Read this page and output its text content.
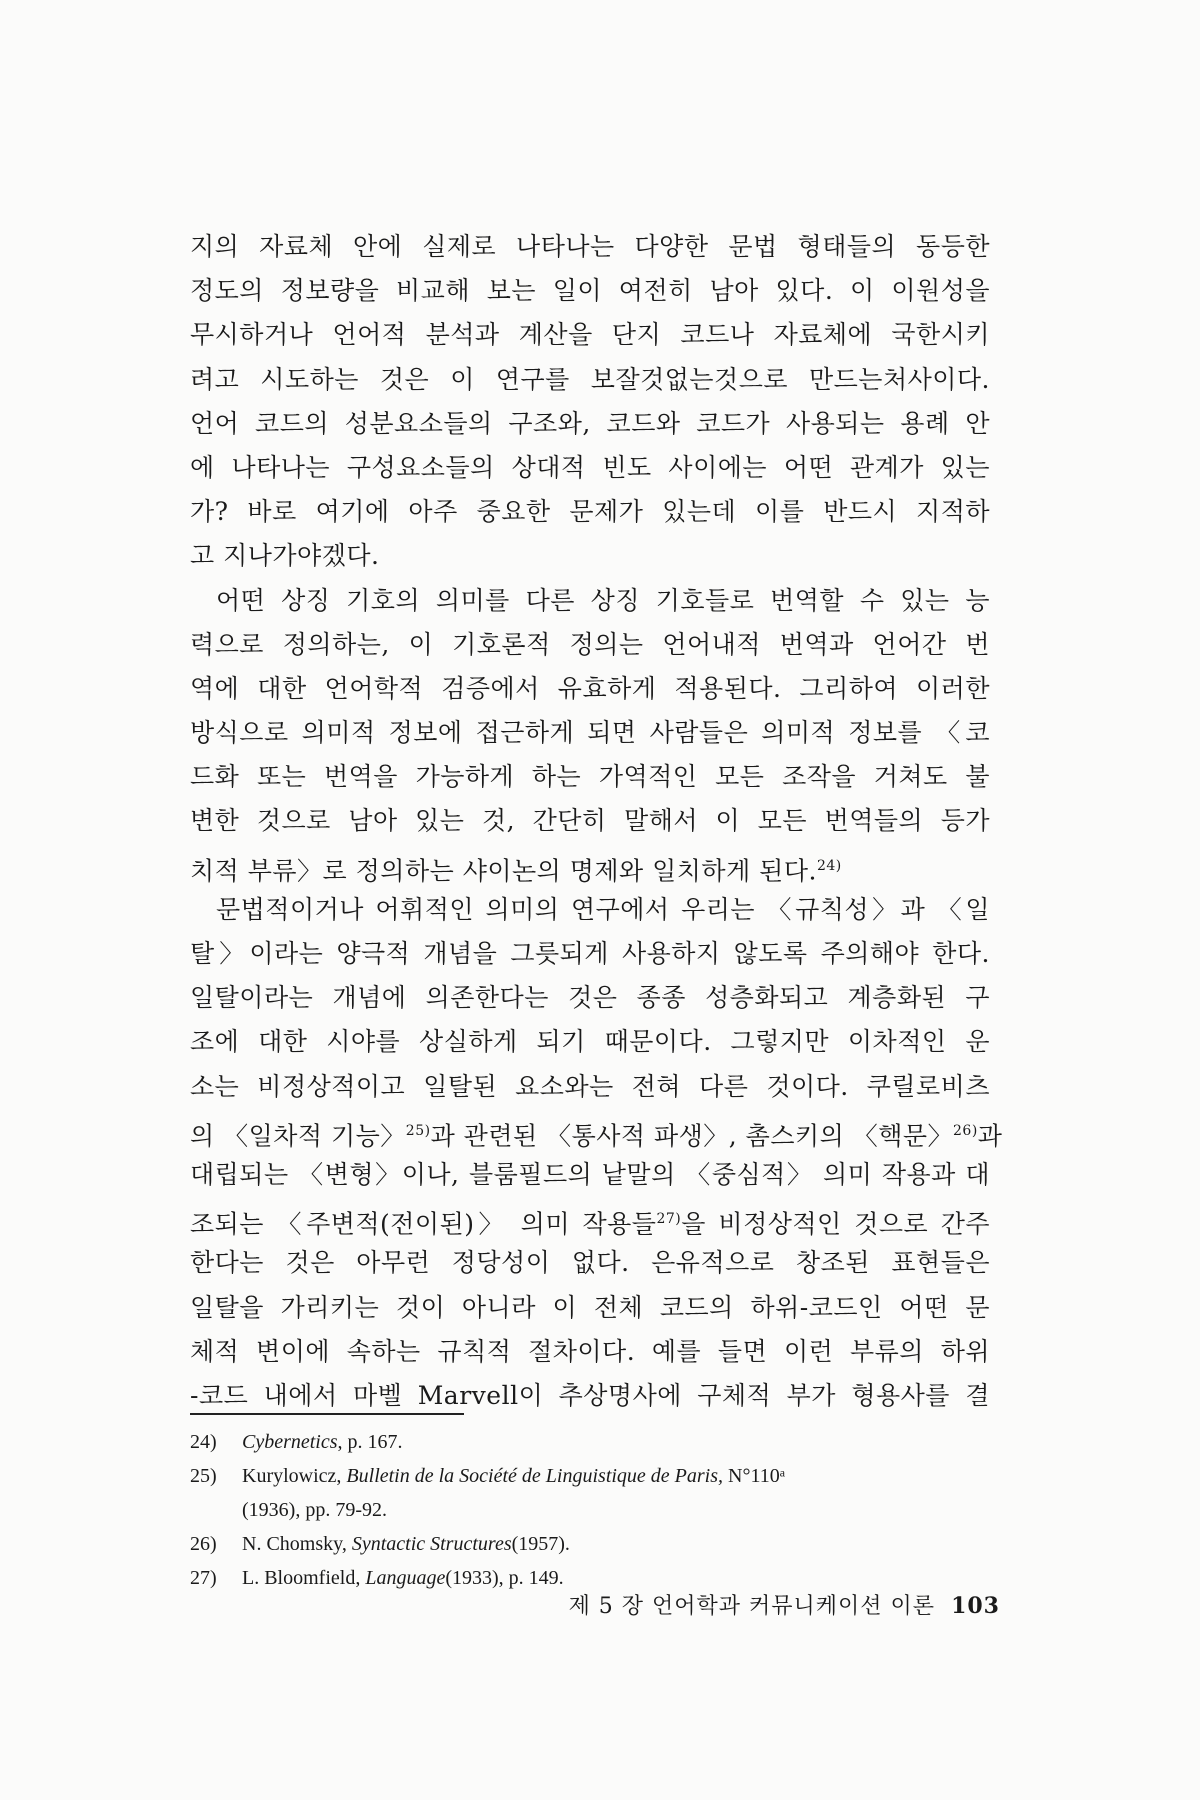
지의 자료체 안에 실제로 나타나는 다양한 문법 형태들의 동등한
정도의 정보량을 비교해 보는 일이 여전히 남아 있다. 이 이원성을
무시하거나 언어적 분석과 계산을 단지 코드나 자료체에 국한시키
려고 시도하는 것은 이 연구를 보잘것없는것으로 만드는처사이다.
언어 코드의 성분요소들의 구조와, 코드와 코드가 사용되는 용례 안
에 나타나는 구성요소들의 상대적 빈도 사이에는 어떤 관계가 있는
가? 바로 여기에 아주 중요한 문제가 있는데 이를 반드시 지적하
고 지나가야겠다.
어떤 상징 기호의 의미를 다른 상징 기호들로 번역할 수 있는 능
력으로 정의하는, 이 기호론적 정의는 언어내적 번역과 언어간 번
역에 대한 언어학적 검증에서 유효하게 적용된다. 그리하여 이러한
방식으로 의미적 정보에 접근하게 되면 사람들은 의미적 정보를 〈코
드화 또는 번역을 가능하게 하는 가역적인 모든 조작을 거쳐도 불
변한 것으로 남아 있는 것, 간단히 말해서 이 모든 번역들의 등가
치적 부류〉로 정의하는 샤이논의 명제와 일치하게 된다.$^{24)}$
문법적이거나 어휘적인 의미의 연구에서 우리는 〈규칙성〉과 〈일
탈〉이라는 양극적 개념을 그릇되게 사용하지 않도록 주의해야 한다.
일탈이라는 개념에 의존한다는 것은 종종 성층화되고 계층화된 구
조에 대한 시야를 상실하게 되기 때문이다. 그렇지만 이차적인 운
소는 비정상적이고 일탈된 요소와는 전혀 다른 것이다. 쿠릴로비츠
의 〈일차적 기능〉$^{25)}$과 관련된 〈통사적 파생〉, 촘스키의 〈핵문〉$^{26)}$과
대립되는 〈변형〉이나, 블룸필드의 낱말의 〈중심적〉 의미 작용과 대
조되는 〈주변적(전이된)〉 의미 작용들$^{27)}$을 비정상적인 것으로 간주
한다는 것은 아무런 정당성이 없다. 은유적으로 창조된 표현들은
일탈을 가리키는 것이 아니라 이 전체 코드의 하위-코드인 어떤 문
체적 변이에 속하는 규칙적 절차이다. 예를 들면 이런 부류의 하위
-코드 내에서 마벨 Marvell이 추상명사에 구체적 부가 형용사를 결
24)	Cybernetics, p. 167.
25)	Kurylowicz, Bulletin de la Société de Linguistique de Paris, N°110ᵃ
(1936), pp. 79-92.
26)	N. Chomsky, Syntactic Structures(1957).
27)	L. Bloomfield, Language(1933), p. 149.
제 5 장 언어학과 커뮤니케이션 이론 103
